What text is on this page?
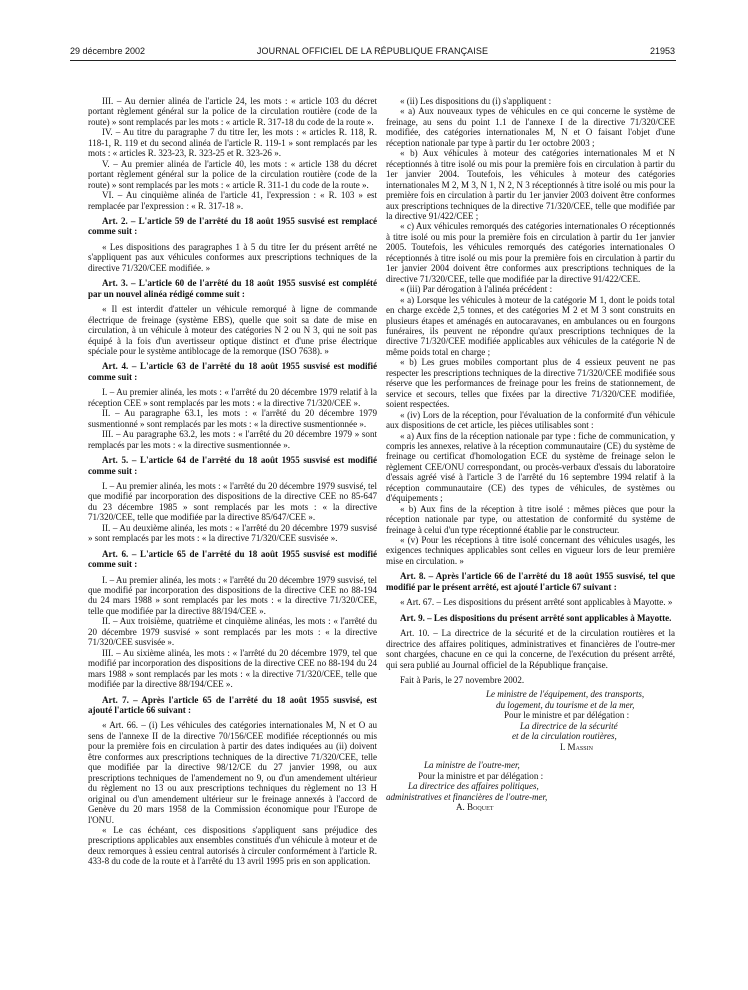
29 décembre 2002	JOURNAL OFFICIEL DE LA RÉPUBLIQUE FRANÇAISE	21953

III. – Au dernier alinéa de l'article 24, les mots : « article 103 du décret portant règlement général sur la police de la circulation routière (code de la route) » sont remplacés par les mots : « article R. 317-18 du code de la route ».

IV. – Au titre du paragraphe 7 du titre Ier, les mots : « articles R. 118, R. 118-1, R. 119 et du second alinéa de l'article R. 119-1 » sont remplacés par les mots : « articles R. 323-23, R. 323-25 et R. 323-26 ».

V. – Au premier alinéa de l'article 40, les mots : « article 138 du décret portant règlement général sur la police de la circulation routière (code de la route) » sont remplacés par les mots : « article R. 311-1 du code de la route ».

VI. – Au cinquième alinéa de l'article 41, l'expression : « R. 103 » est remplacée par l'expression : « R. 317-18 ».

Art. 2. – L'article 59 de l'arrêté du 18 août 1955 susvisé est remplacé comme suit :

« Les dispositions des paragraphes 1 à 5 du titre Ier du présent arrêté ne s'appliquent pas aux véhicules conformes aux prescriptions techniques de la directive 71/320/CEE modifiée. »

Art. 3. – L'article 60 de l'arrêté du 18 août 1955 susvisé est complété par un nouvel alinéa rédigé comme suit :

« Il est interdit d'atteler un véhicule remorqué à ligne de commande électrique de freinage (système EBS), quelle que soit sa date de mise en circulation, à un véhicule à moteur des catégories N 2 ou N 3, qui ne soit pas équipé à la fois d'un avertisseur optique distinct et d'une prise électrique spéciale pour le système antiblocage de la remorque (ISO 7638). »

Art. 4. – L'article 63 de l'arrêté du 18 août 1955 susvisé est modifié comme suit :

I. – Au premier alinéa, les mots : « l'arrêté du 20 décembre 1979 relatif à la réception CEE » sont remplacés par les mots : « la directive 71/320/CEE ».

II. – Au paragraphe 63.1, les mots : « l'arrêté du 20 décembre 1979 susmentionné » sont remplacés par les mots : « la directive susmentionnée ».

III. – Au paragraphe 63.2, les mots : « l'arrêté du 20 décembre 1979 » sont remplacés par les mots : « la directive susmentionnée ».

Art. 5. – L'article 64 de l'arrêté du 18 août 1955 susvisé est modifié comme suit :

I. – Au premier alinéa, les mots : « l'arrêté du 20 décembre 1979 susvisé, tel que modifié par incorporation des dispositions de la directive CEE no 85-647 du 23 décembre 1985 » sont remplacés par les mots : « la directive 71/320/CEE, telle que modifiée par la directive 85/647/CEE ».

II. – Au deuxième alinéa, les mots : « l'arrêté du 20 décembre 1979 susvisé » sont remplacés par les mots : « la directive 71/320/CEE susvisée ».

Art. 6. – L'article 65 de l'arrêté du 18 août 1955 susvisé est modifié comme suit :

I. – Au premier alinéa, les mots : « l'arrêté du 20 décembre 1979 susvisé, tel que modifié par incorporation des dispositions de la directive CEE no 88-194 du 24 mars 1988 » sont remplacés par les mots : « la directive 71/320/CEE, telle que modifiée par la directive 88/194/CEE ».

II. – Aux troisième, quatrième et cinquième alinéas, les mots : « l'arrêté du 20 décembre 1979 susvisé » sont remplacés par les mots : « la directive 71/320/CEE susvisée ».

III. – Au sixième alinéa, les mots : « l'arrêté du 20 décembre 1979, tel que modifié par incorporation des dispositions de la directive CEE no 88-194 du 24 mars 1988 » sont remplacés par les mots : « la directive 71/320/CEE, telle que modifiée par la directive 88/194/CEE ».

Art. 7. – Après l'article 65 de l'arrêté du 18 août 1955 susvisé, est ajouté l'article 66 suivant :

« Art. 66. – (i) Les véhicules des catégories internationales M, N et O au sens de l'annexe II de la directive 70/156/CEE modifiée réceptionnés ou mis pour la première fois en circulation à partir des dates indiquées au (ii) doivent être conformes aux prescriptions techniques de la directive 71/320/CEE, telle que modifiée par la directive 98/12/CE du 27 janvier 1998, ou aux prescriptions techniques de l'amendement no 9, ou d'un amendement ultérieur du règlement no 13 ou aux prescriptions techniques du règlement no 13 H original ou d'un amendement ultérieur sur le freinage annexés à l'accord de Genève du 20 mars 1958 de la Commission économique pour l'Europe de l'ONU.

« Le cas échéant, ces dispositions s'appliquent sans préjudice des prescriptions applicables aux ensembles constitués d'un véhicule à moteur et de deux remorques à essieu central autorisés à circuler conformément à l'article R. 433-8 du code de la route et à l'arrêté du 13 avril 1995 pris en son application.

« (ii) Les dispositions du (i) s'appliquent :

« a) Aux nouveaux types de véhicules en ce qui concerne le système de freinage, au sens du point 1.1 de l'annexe I de la directive 71/320/CEE modifiée, des catégories internationales M, N et O faisant l'objet d'une réception nationale par type à partir du 1er octobre 2003 ;

« b) Aux véhicules à moteur des catégories internationales M et N réceptionnés à titre isolé ou mis pour la première fois en circulation à partir du 1er janvier 2004. Toutefois, les véhicules à moteur des catégories internationales M 2, M 3, N 1, N 2, N 3 réceptionnés à titre isolé ou mis pour la première fois en circulation à partir du 1er janvier 2003 doivent être conformes aux prescriptions techniques de la directive 71/320/CEE, telle que modifiée par la directive 91/422/CEE ;

« c) Aux véhicules remorqués des catégories internationales O réceptionnés à titre isolé ou mis pour la première fois en circulation à partir du 1er janvier 2005. Toutefois, les véhicules remorqués des catégories internationales O réceptionnés à titre isolé ou mis pour la première fois en circulation à partir du 1er janvier 2004 doivent être conformes aux prescriptions techniques de la directive 71/320/CEE, telle que modifiée par la directive 91/422/CEE.

« (iii) Par dérogation à l'alinéa précédent :

« a) Lorsque les véhicules à moteur de la catégorie M 1, dont le poids total en charge excède 2,5 tonnes, et des catégories M 2 et M 3 sont construits en plusieurs étapes et aménagés en autocaravanes, en ambulances ou en fourgons funéraires, ils peuvent ne répondre qu'aux prescriptions techniques de la directive 71/320/CEE modifiée applicables aux véhicules de la catégorie N de même poids total en charge ;

« b) Les grues mobiles comportant plus de 4 essieux peuvent ne pas respecter les prescriptions techniques de la directive 71/320/CEE modifiée sous réserve que les performances de freinage pour les freins de stationnement, de service et secours, telles que fixées par la directive 71/320/CEE modifiée, soient respectées.

« (iv) Lors de la réception, pour l'évaluation de la conformité d'un véhicule aux dispositions de cet article, les pièces utilisables sont :

« a) Aux fins de la réception nationale par type : fiche de communication, y compris les annexes, relative à la réception communautaire (CE) du système de freinage ou certificat d'homologation ECE du système de freinage selon le règlement CEE/ONU correspondant, ou procès-verbaux d'essais du laboratoire d'essais agréé visé à l'article 3 de l'arrêté du 16 septembre 1994 relatif à la réception communautaire (CE) des types de véhicules, de systèmes ou d'équipements ;

« b) Aux fins de la réception à titre isolé : mêmes pièces que pour la réception nationale par type, ou attestation de conformité du système de freinage à celui d'un type réceptionné établie par le constructeur.

« (v) Pour les réceptions à titre isolé concernant des véhicules usagés, les exigences techniques applicables sont celles en vigueur lors de leur première mise en circulation. »

Art. 8. – Après l'article 66 de l'arrêté du 18 août 1955 susvisé, tel que modifié par le présent arrêté, est ajouté l'article 67 suivant :

« Art. 67. – Les dispositions du présent arrêté sont applicables à Mayotte. »

Art. 9. – Les dispositions du présent arrêté sont applicables à Mayotte.

Art. 10. – La directrice de la sécurité et de la circulation routières et la directrice des affaires politiques, administratives et financières de l'outre-mer sont chargées, chacune en ce qui la concerne, de l'exécution du présent arrêté, qui sera publié au Journal officiel de la République française.

Fait à Paris, le 27 novembre 2002.

Le ministre de l'équipement, des transports,
du logement, du tourisme et de la mer,
Pour le ministre et par délégation :
La directrice de la sécurité
et de la circulation routières,
I. Massin
La ministre de l'outre-mer,
Pour la ministre et par délégation :
La directrice des affaires politiques,
administratives et financières de l'outre-mer,
A. Boquet
